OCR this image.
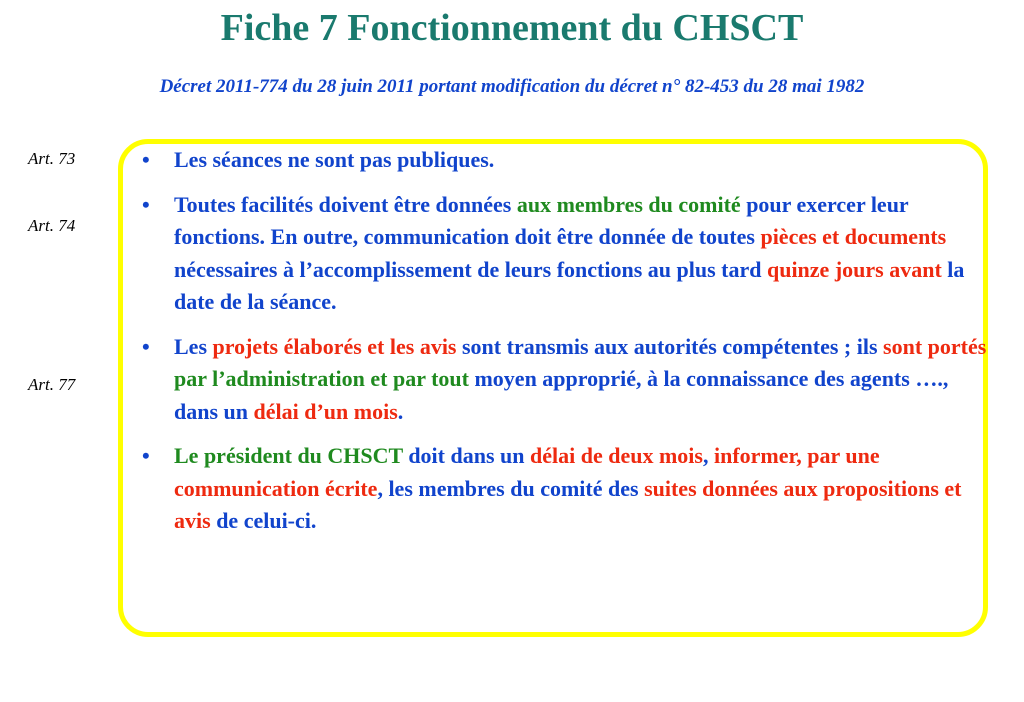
Fiche 7 Fonctionnement du CHSCT
Décret 2011-774 du 28 juin 2011 portant modification du décret n° 82-453 du 28 mai 1982
Art. 73
Art. 74
Art. 77
• Les séances ne sont pas publiques.
• Toutes facilités doivent être données aux membres du comité pour exercer leur fonctions. En outre, communication doit être donnée de toutes pièces et documents nécessaires à l’accomplissement de leurs fonctions au plus tard quinze jours avant la date de la séance.
• Les projets élaborés et les avis sont transmis aux autorités compétentes ; ils sont portés par l’administration et par tout moyen approprié, à la connaissance des agents …., dans un délai d’un mois.
• Le président du CHSCT doit dans un délai de deux mois, informer, par une communication écrite, les membres du comité des suites données aux propositions et avis de celui-ci.
